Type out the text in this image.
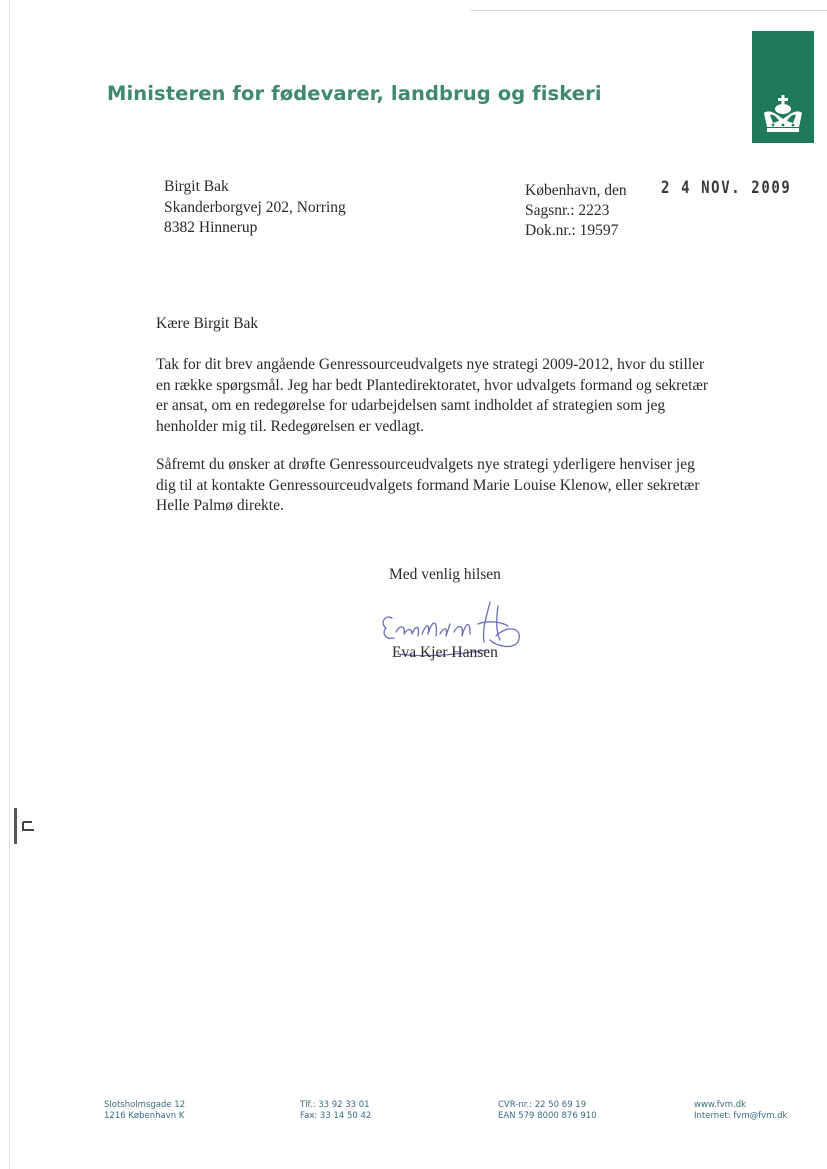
Ministeren for fødevarer, landbrug og fiskeri
Birgit Bak
Skanderborgvej 202, Norring
8382 Hinnerup
København, den
Sagsnr.: 2223
Dok.nr.: 19597
2 4 NOV. 2009
Kære Birgit Bak
Tak for dit brev angående Genressourceudvalgets nye strategi 2009-2012, hvor du stiller
en række spørgsmål. Jeg har bedt Plantedirektoratet, hvor udvalgets formand og sekretær
er ansat, om en redegørelse for udarbejdelsen samt indholdet af strategien som jeg
henholder mig til. Redegørelsen er vedlagt.
Såfremt du ønsker at drøfte Genressourceudvalgets nye strategi yderligere henviser jeg
dig til at kontakte Genressourceudvalgets formand Marie Louise Klenow, eller sekretær
Helle Palmø direkte.
Med venlig hilsen
Eva Kjer Hansen
Slotsholmsgade 12
1216 København K
Tlf.: 33 92 33 01
Fax: 33 14 50 42
CVR-nr.: 22 50 69 19
EAN 579 8000 876 910
www.fvm.dk
Internet: fvm@fvm.dk
